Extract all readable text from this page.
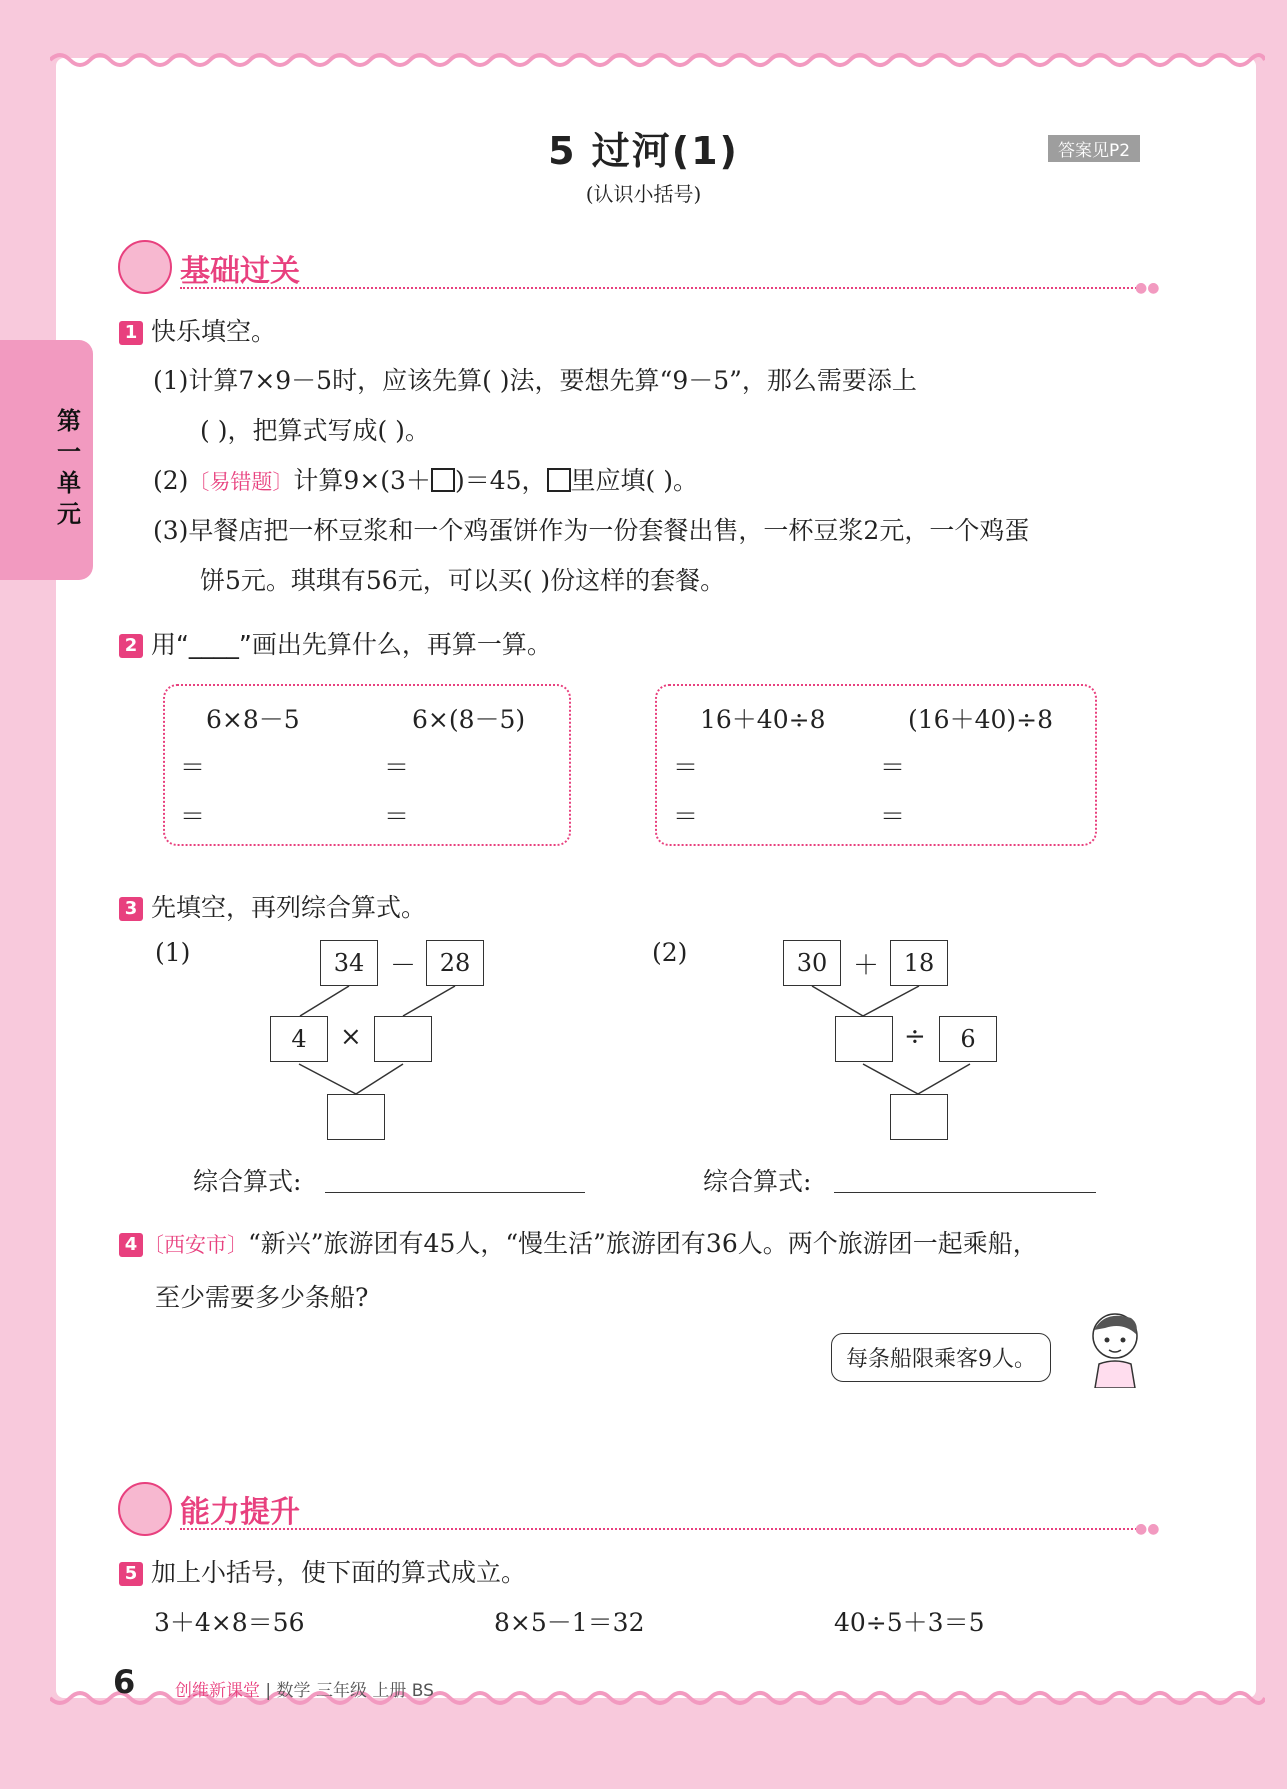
第一单元
5 过河(1)
(认识小括号)
答案见P2
基础过关	●●
1 快乐填空。
(1)计算7×9－5时，应该先算( )法，要想先算“9－5”，那么需要添上
( )，把算式写成( )。
(2)〔易错题〕计算9×(3＋ )＝45， 里应填( )。
(3)早餐店把一杯豆浆和一个鸡蛋饼作为一份套餐出售，一杯豆浆2元，一个鸡蛋
饼5元。琪琪有56元，可以买( )份这样的套餐。
2 用“____”画出先算什么，再算一算。
6×8－5	6×(8－5)
＝	＝
＝	＝
16＋40÷8	(16＋40)÷8
＝	＝
＝	＝
3 先填空，再列综合算式。
(1)	34 － 28
4	×
综合算式:
(2)	30 ＋	18
÷	6
综合算式:
4 〔西安市〕“新兴”旅游团有45人，“慢生活”旅游团有36人。两个旅游团一起乘船，
至少需要多少条船?
每条船限乘客9人。
能力提升	●●
5 加上小括号，使下面的算式成立。
3＋4×8＝56	8×5－1＝32	40÷5＋3＝5
6 创维新课堂 | 数学 三年级 上册 BS
